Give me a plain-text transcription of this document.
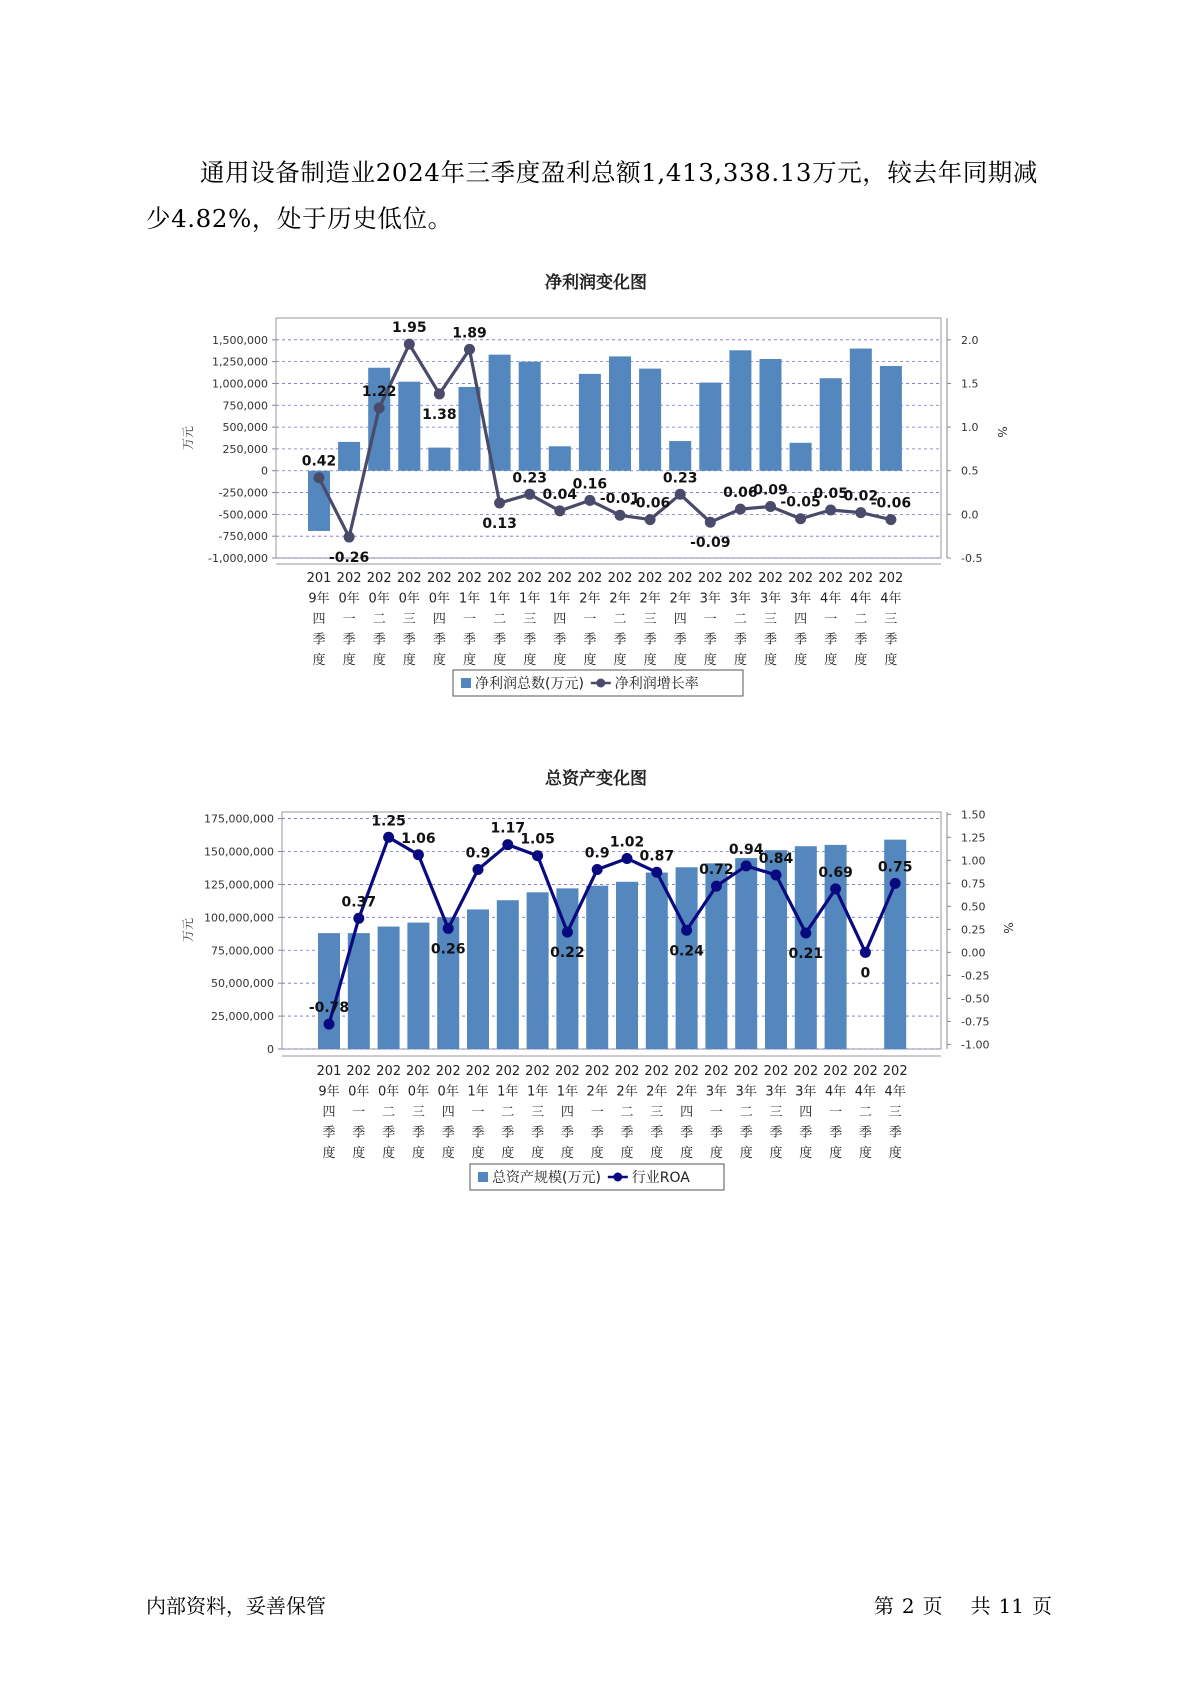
通用设备制造业2024年三季度盈利总额1,413,338.13万元，较去年同期减少4.82%，处于历史低位。

净利润变化图
-1,000,000
-750,000
-500,000
-250,000
0
250,000
500,000
750,000
1,000,000
1,250,000
1,500,000
-0.5
0.0
0.5
1.0
1.5
2.0
万元	%
0.42
-0.26
1.22
1.95
1.38
1.89
0.13
0.23
0.04
0.16
-0.01
-0.06
0.23
-0.09
0.06
0.09
-0.05
0.05
0.02
-0.06
201
9年
四
季
度
202
0年
一
季
度
202
0年
二
季
度
202
0年
三
季
度
202
0年
四
季
度
202
1年
一
季
度
202
1年
二
季
度
202
1年
三
季
度
202
1年
四
季
度
202
2年
一
季
度
202
2年
二
季
度
202
2年
三
季
度
202
2年
四
季
度
202
3年
一
季
度
202
3年
二
季
度
202
3年
三
季
度
202
3年
四
季
度
202
4年
一
季
度
202
4年
二
季
度
202
4年
三
季
度
净利润总数(万元) 净利润增长率
总资产变化图
0
25,000,000
50,000,000
75,000,000
100,000,000
125,000,000
150,000,000
175,000,000
-1.00
-0.75
-0.50
-0.25
0.00
0.25
0.50
0.75
1.00
1.25
1.50
万元	%
-0.78
0.37
1.25
1.06
0.26
0.9
1.17
1.05
0.22
0.9
1.02
0.87
0.24
0.72
0.94
0.84
0.21
0.69
0
0.75
201
9年
四
季
度
202
0年
一
季
度
202
0年
二
季
度
202
0年
三
季
度
202
0年
四
季
度
202
1年
一
季
度
202
1年
二
季
度
202
1年
三
季
度
202
1年
四
季
度
202
2年
一
季
度
202
2年
二
季
度
202
2年
三
季
度
202
2年
四
季
度
202
3年
一
季
度
202
3年
二
季
度
202
3年
三
季
度
202
3年
四
季
度
202
4年
一
季
度
202
4年
二
季
度
202
4年
三
季
度
总资产规模(万元) 行业ROA
内部资料，妥善保管	第 2 页 共 11 页
